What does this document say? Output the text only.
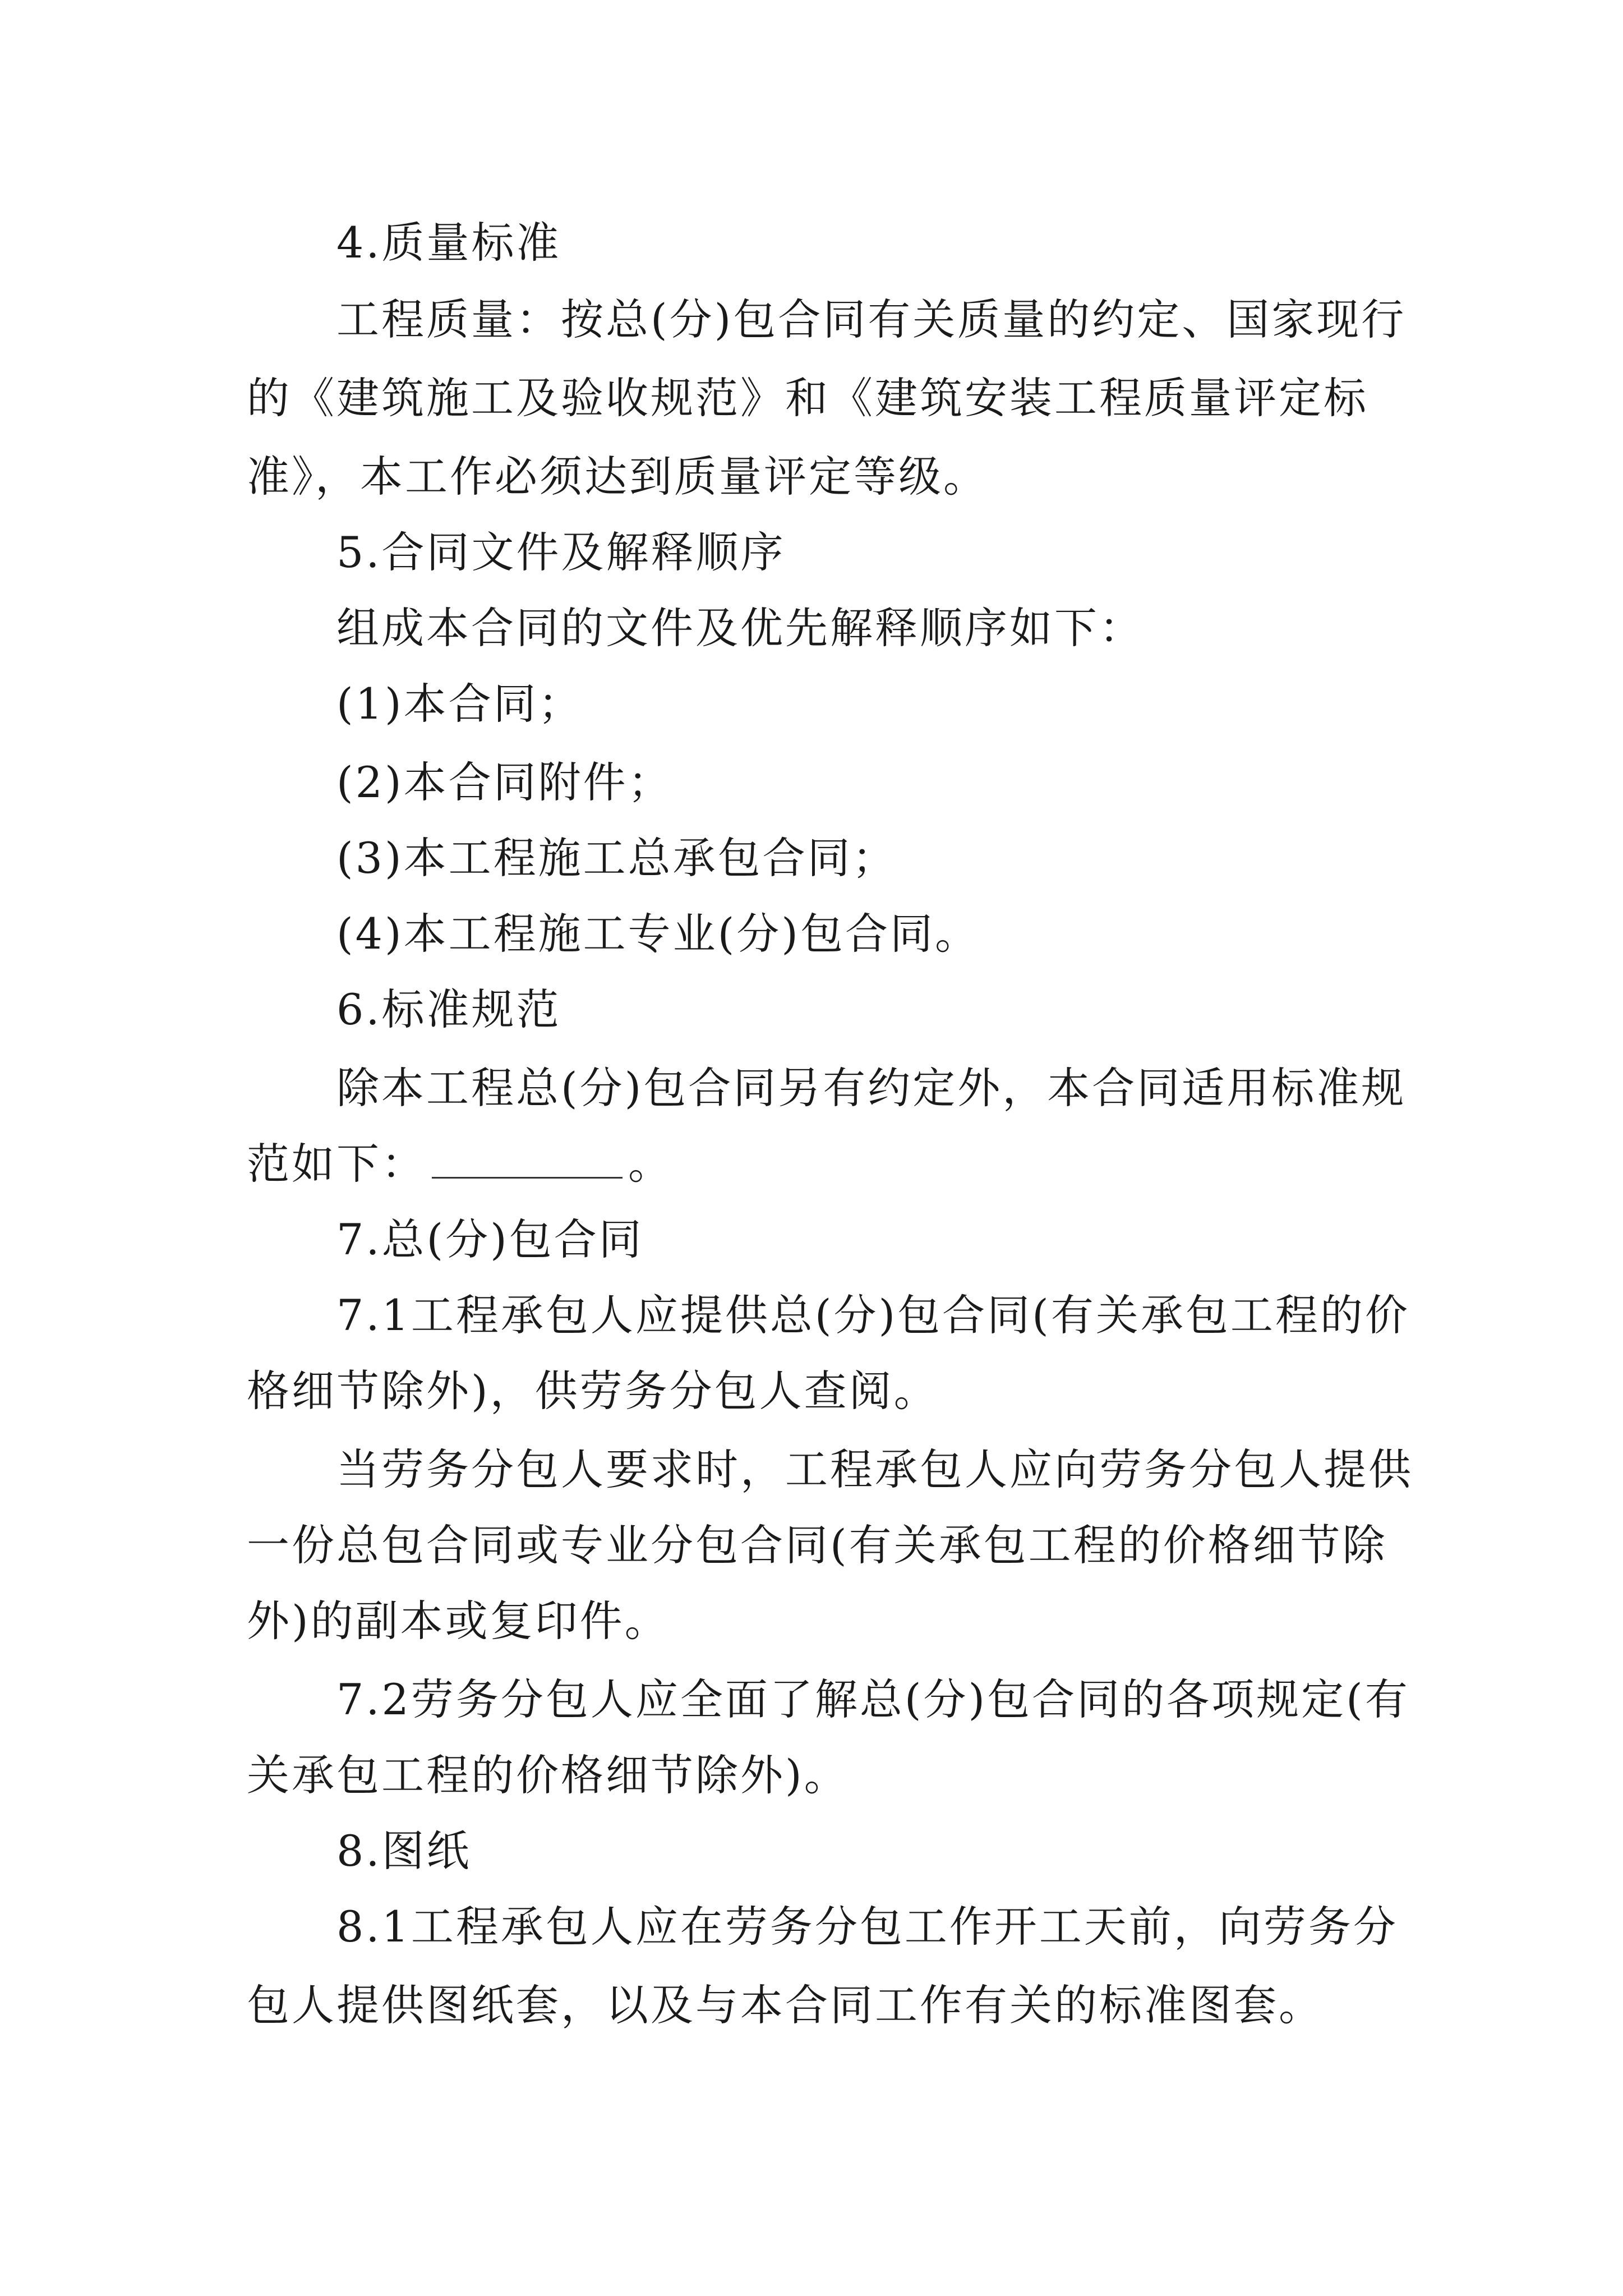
4.质量标准
工程质量：按总(分)包合同有关质量的约定、国家现行
的《建筑施工及验收规范》和《建筑安装工程质量评定标
准》，本工作必须达到质量评定等级。
5.合同文件及解释顺序
组成本合同的文件及优先解释顺序如下：
(1)本合同；
(2)本合同附件；
(3)本工程施工总承包合同；
(4)本工程施工专业(分)包合同。
6.标准规范
除本工程总(分)包合同另有约定外，本合同适用标准规
范如下：	。
7.总(分)包合同
7.1工程承包人应提供总(分)包合同(有关承包工程的价
格细节除外)，供劳务分包人查阅。
当劳务分包人要求时，工程承包人应向劳务分包人提供
一份总包合同或专业分包合同(有关承包工程的价格细节除
外)的副本或复印件。
7.2劳务分包人应全面了解总(分)包合同的各项规定(有
关承包工程的价格细节除外)。
8.图纸
8.1工程承包人应在劳务分包工作开工天前，向劳务分
包人提供图纸套，以及与本合同工作有关的标准图套。
